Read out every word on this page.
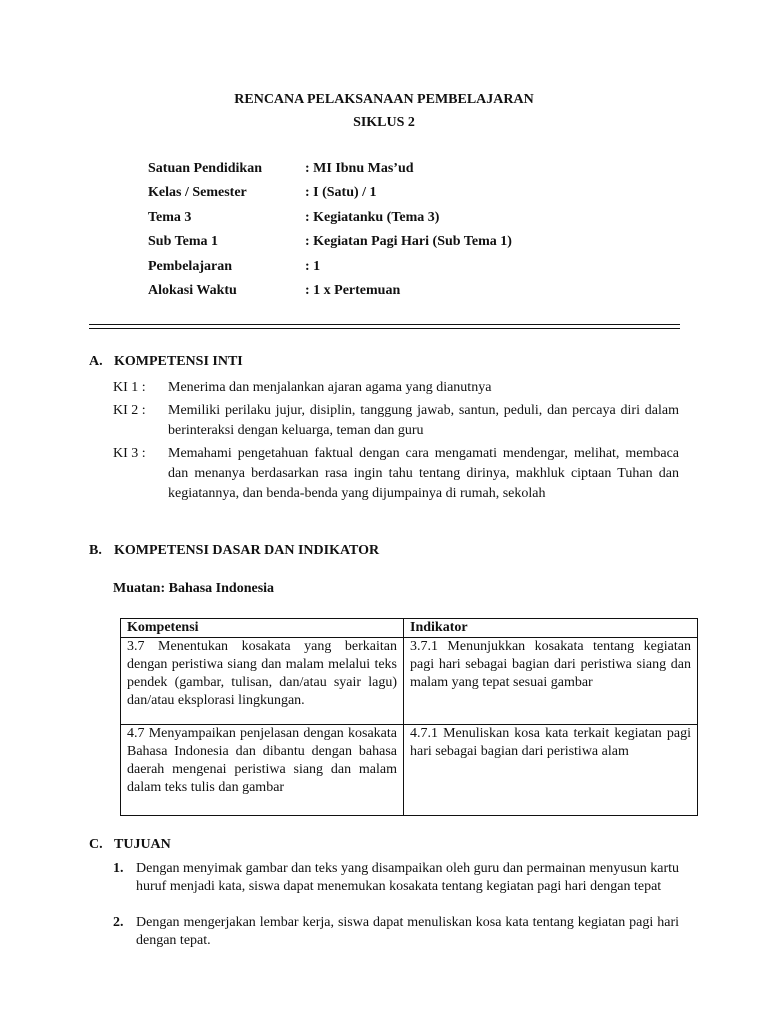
RENCANA PELAKSANAAN PEMBELAJARAN
SIKLUS 2
Satuan Pendidikan	: MI Ibnu Mas’ud
Kelas / Semester	: I (Satu) / 1
Tema 3	: Kegiatanku (Tema 3)
Sub Tema 1	: Kegiatan Pagi Hari (Sub Tema 1)
Pembelajaran	: 1
Alokasi Waktu	: 1 x Pertemuan
A. KOMPETENSI INTI
KI 1 : Menerima dan menjalankan ajaran agama yang dianutnya
KI 2 : Memiliki perilaku jujur, disiplin, tanggung jawab, santun, peduli, dan percaya diri dalam berinteraksi dengan keluarga, teman dan guru
KI 3 : Memahami pengetahuan faktual dengan cara mengamati mendengar, melihat, membaca dan menanya berdasarkan rasa ingin tahu tentang dirinya, makhluk ciptaan Tuhan dan kegiatannya, dan benda-benda yang dijumpainya di rumah, sekolah
B. KOMPETENSI DASAR DAN INDIKATOR
Muatan: Bahasa Indonesia
Kompetensi	Indikator
3.7 Menentukan kosakata yang berkaitan dengan peristiwa siang dan malam melalui teks pendek (gambar, tulisan, dan/atau syair lagu) dan/atau eksplorasi lingkungan.	3.7.1 Menunjukkan kosakata tentang kegiatan pagi hari sebagai bagian dari peristiwa siang dan malam yang tepat sesuai gambar
4.7 Menyampaikan penjelasan dengan kosakata Bahasa Indonesia dan dibantu dengan bahasa daerah mengenai peristiwa siang dan malam dalam teks tulis dan gambar	4.7.1 Menuliskan kosa kata terkait kegiatan pagi hari sebagai bagian dari peristiwa alam
C. TUJUAN
1. Dengan menyimak gambar dan teks yang disampaikan oleh guru dan permainan menyusun kartu huruf menjadi kata, siswa dapat menemukan kosakata tentang kegiatan pagi hari dengan tepat
2. Dengan mengerjakan lembar kerja, siswa dapat menuliskan kosa kata tentang kegiatan pagi hari dengan tepat.
